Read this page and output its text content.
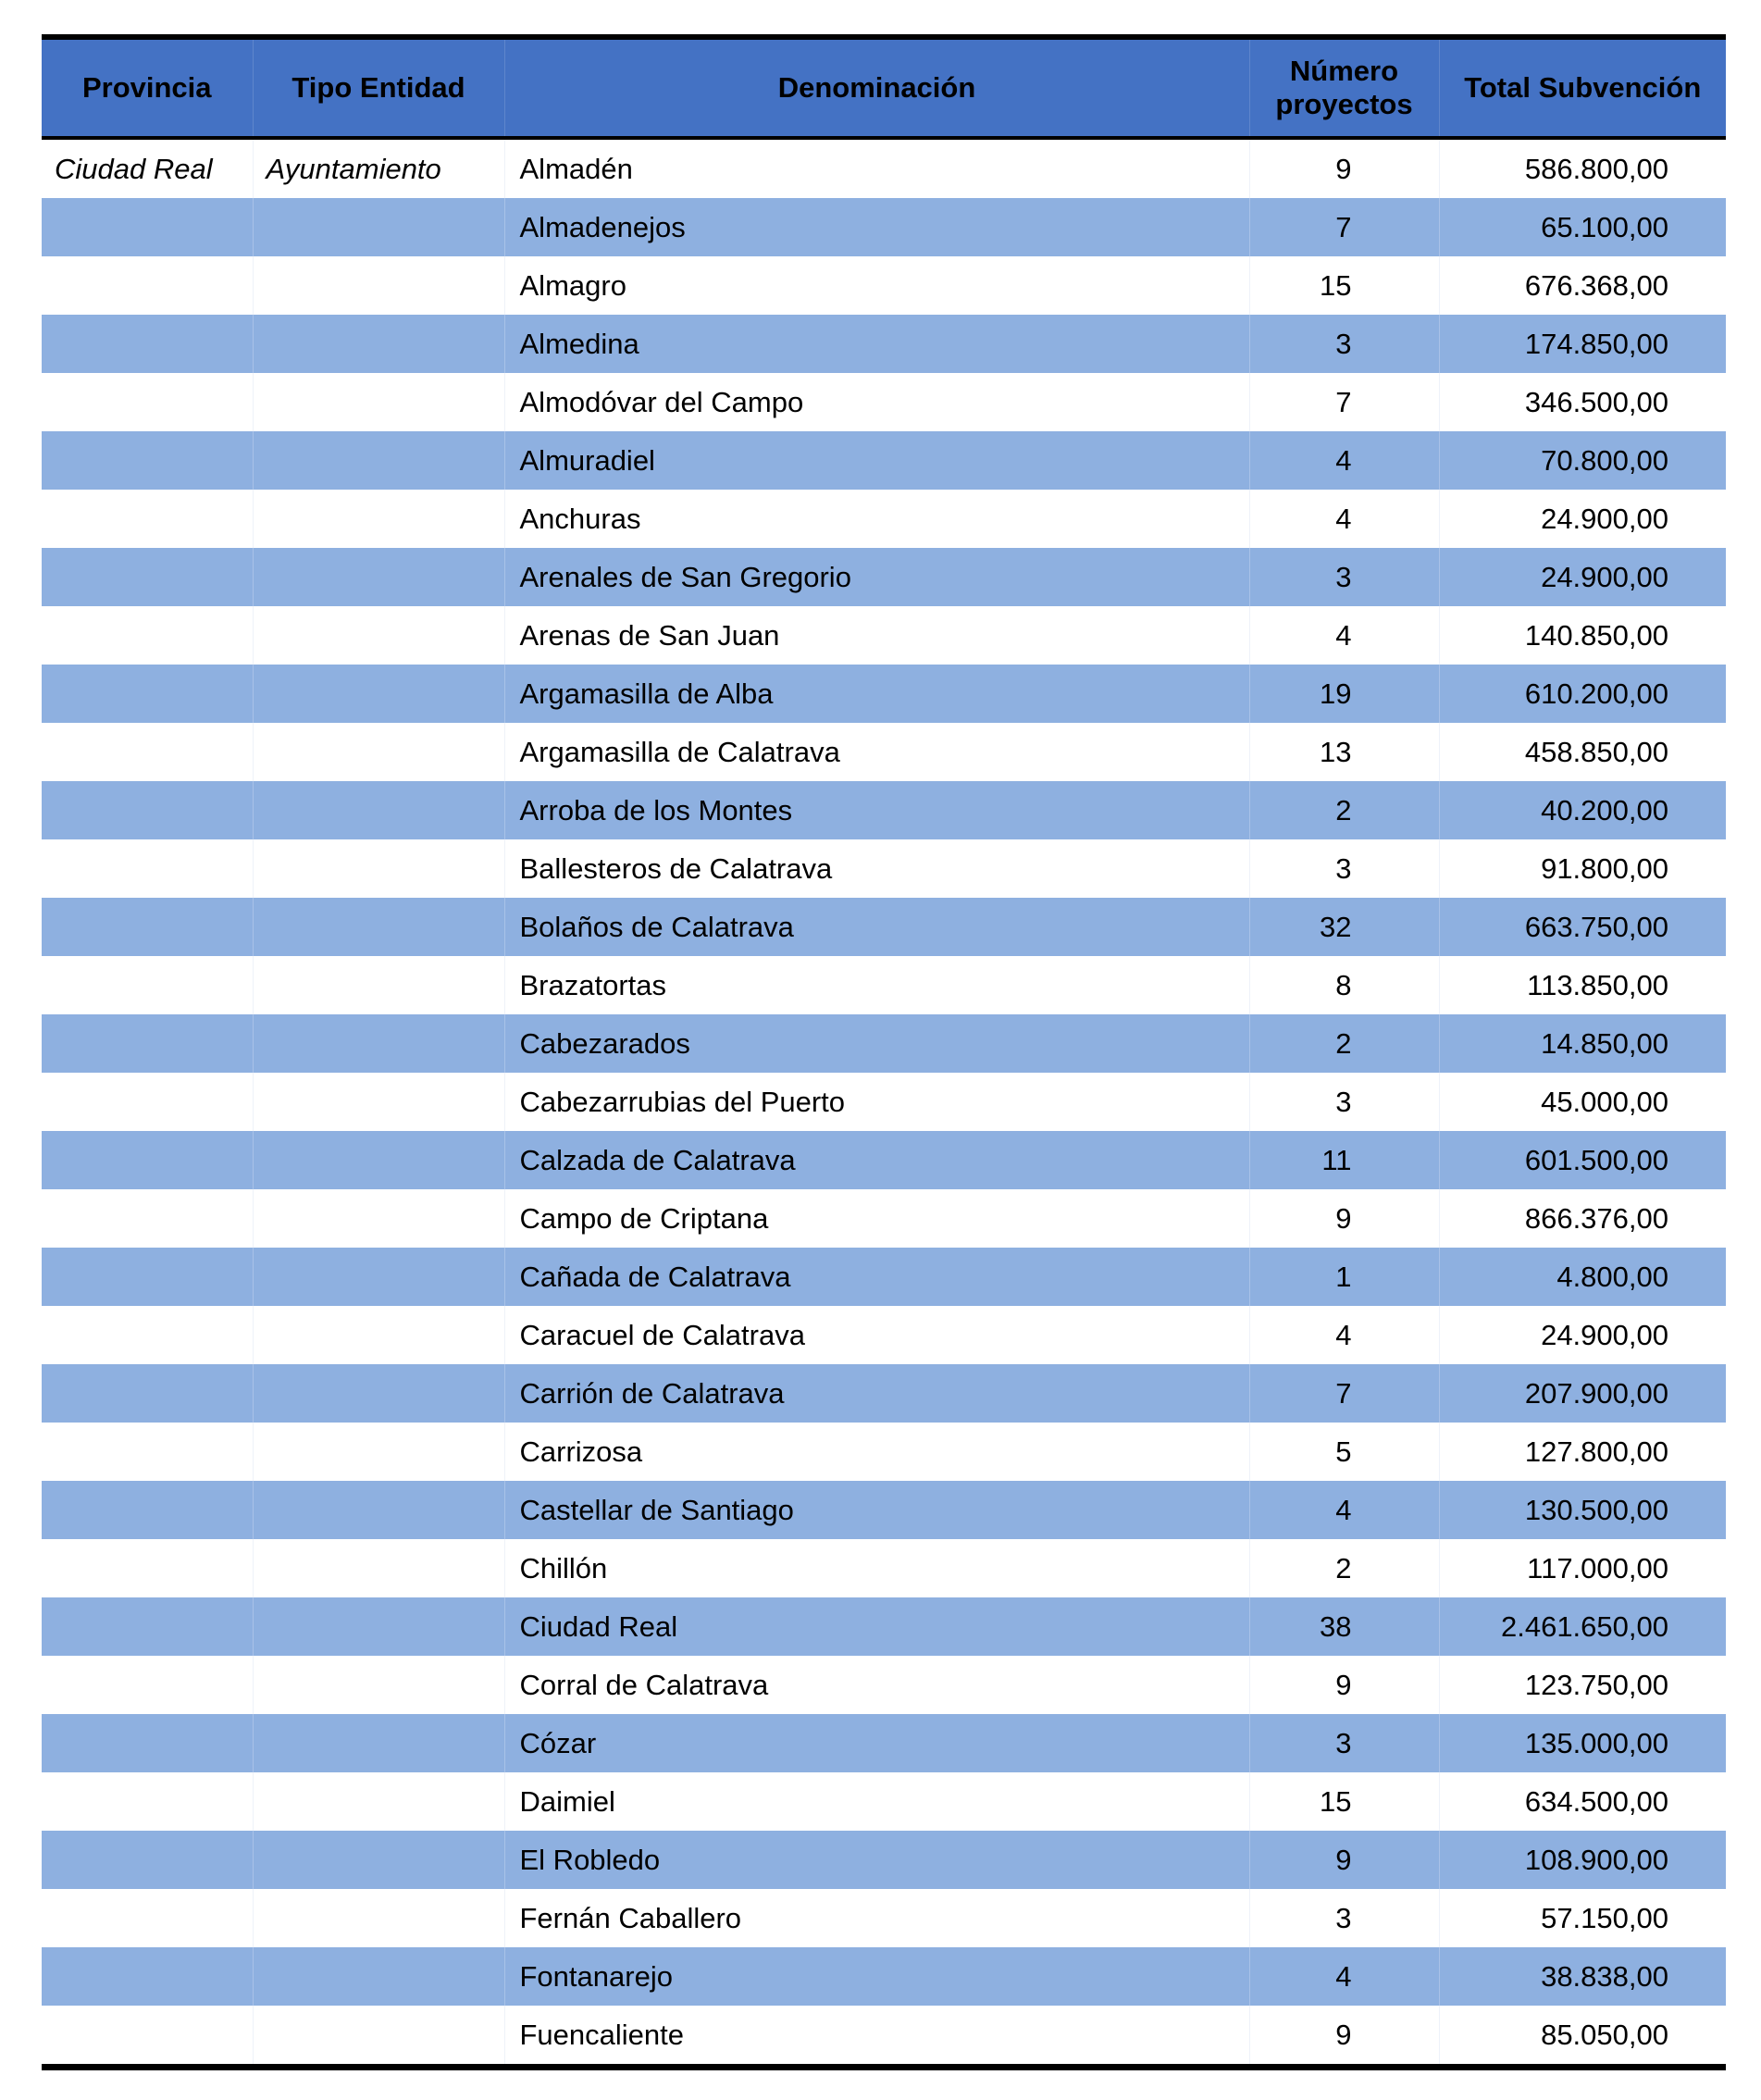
Provincia	Tipo Entidad	Denominación	Número proyectos	Total Subvención

Ciudad Real	Ayuntamiento	Almadén	9	586.800,00
		Almadenejos	7	65.100,00
		Almagro	15	676.368,00
		Almedina	3	174.850,00
		Almodóvar del Campo	7	346.500,00
		Almuradiel	4	70.800,00
		Anchuras	4	24.900,00
		Arenales de San Gregorio	3	24.900,00
		Arenas de San Juan	4	140.850,00
		Argamasilla de Alba	19	610.200,00
		Argamasilla de Calatrava	13	458.850,00
		Arroba de los Montes	2	40.200,00
		Ballesteros de Calatrava	3	91.800,00
		Bolaños de Calatrava	32	663.750,00
		Brazatortas	8	113.850,00
		Cabezarados	2	14.850,00
		Cabezarrubias del Puerto	3	45.000,00
		Calzada de Calatrava	11	601.500,00
		Campo de Criptana	9	866.376,00
		Cañada de Calatrava	1	4.800,00
		Caracuel de Calatrava	4	24.900,00
		Carrión de Calatrava	7	207.900,00
		Carrizosa	5	127.800,00
		Castellar de Santiago	4	130.500,00
		Chillón	2	117.000,00
		Ciudad Real	38	2.461.650,00
		Corral de Calatrava	9	123.750,00
		Cózar	3	135.000,00
		Daimiel	15	634.500,00
		El Robledo	9	108.900,00
		Fernán Caballero	3	57.150,00
		Fontanarejo	4	38.838,00
		Fuencaliente	9	85.050,00
